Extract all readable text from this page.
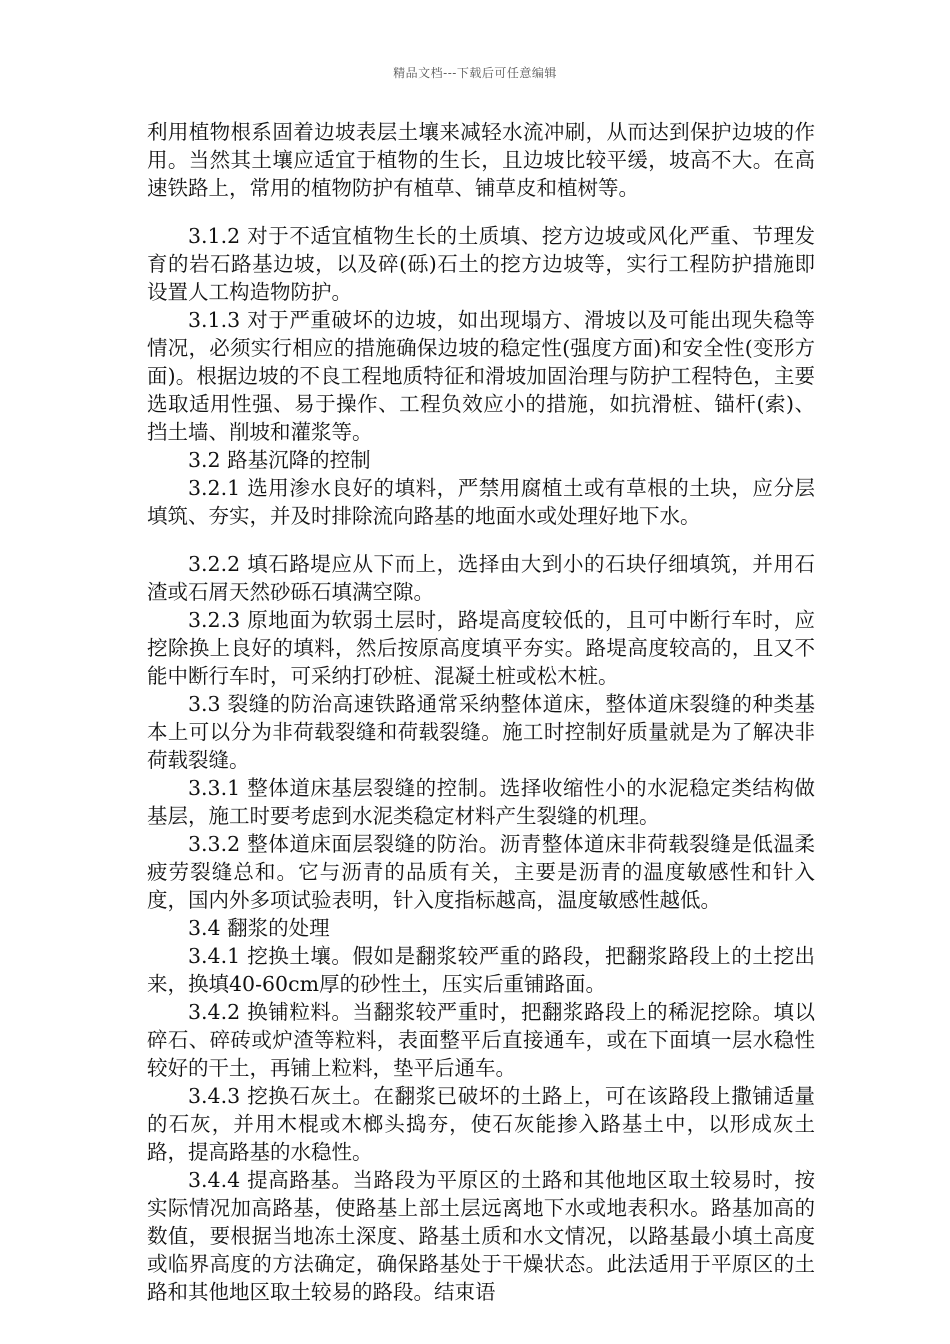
精品文档---下载后可任意编辑

利用植物根系固着边坡表层土壤来减轻水流冲刷，从而达到保护边坡的作用。当然其土壤应适宜于植物的生长，且边坡比较平缓，坡高不大。在高速铁路上，常用的植物防护有植草、铺草皮和植树等。

3.1.2 对于不适宜植物生长的土质填、挖方边坡或风化严重、节理发育的岩石路基边坡，以及碎(砾)石土的挖方边坡等，实行工程防护措施即设置人工构造物防护。

3.1.3 对于严重破坏的边坡，如出现塌方、滑坡以及可能出现失稳等情况，必须实行相应的措施确保边坡的稳定性(强度方面)和安全性(变形方面)。根据边坡的不良工程地质特征和滑坡加固治理与防护工程特色，主要选取适用性强、易于操作、工程负效应小的措施，如抗滑桩、锚杆(索)、挡土墙、削坡和灌浆等。

3.2 路基沉降的控制

3.2.1 选用渗水良好的填料，严禁用腐植土或有草根的土块，应分层填筑、夯实，并及时排除流向路基的地面水或处理好地下水。

3.2.2 填石路堤应从下而上，选择由大到小的石块仔细填筑，并用石渣或石屑天然砂砾石填满空隙。

3.2.3 原地面为软弱土层时，路堤高度较低的，且可中断行车时，应挖除换上良好的填料，然后按原高度填平夯实。路堤高度较高的，且又不能中断行车时，可采纳打砂桩、混凝土桩或松木桩。

3.3 裂缝的防治高速铁路通常采纳整体道床，整体道床裂缝的种类基本上可以分为非荷载裂缝和荷载裂缝。施工时控制好质量就是为了解决非荷载裂缝。

3.3.1 整体道床基层裂缝的控制。选择收缩性小的水泥稳定类结构做基层，施工时要考虑到水泥类稳定材料产生裂缝的机理。

3.3.2 整体道床面层裂缝的防治。沥青整体道床非荷载裂缝是低温柔疲劳裂缝总和。它与沥青的品质有关，主要是沥青的温度敏感性和针入度，国内外多项试验表明，针入度指标越高，温度敏感性越低。

3.4 翻浆的处理

3.4.1 挖换土壤。假如是翻浆较严重的路段，把翻浆路段上的土挖出来，换填40-60cm厚的砂性土，压实后重铺路面。

3.4.2 换铺粒料。当翻浆较严重时，把翻浆路段上的稀泥挖除。填以碎石、碎砖或炉渣等粒料，表面整平后直接通车，或在下面填一层水稳性较好的干土，再铺上粒料，垫平后通车。

3.4.3 挖换石灰土。在翻浆已破坏的土路上，可在该路段上撒铺适量的石灰，并用木棍或木榔头捣夯，使石灰能掺入路基土中，以形成灰土路，提高路基的水稳性。

3.4.4 提高路基。当路段为平原区的土路和其他地区取土较易时，按实际情况加高路基，使路基上部土层远离地下水或地表积水。路基加高的数值，要根据当地冻土深度、路基土质和水文情况，以路基最小填土高度或临界高度的方法确定，确保路基处于干燥状态。此法适用于平原区的土路和其他地区取土较易的路段。结束语
